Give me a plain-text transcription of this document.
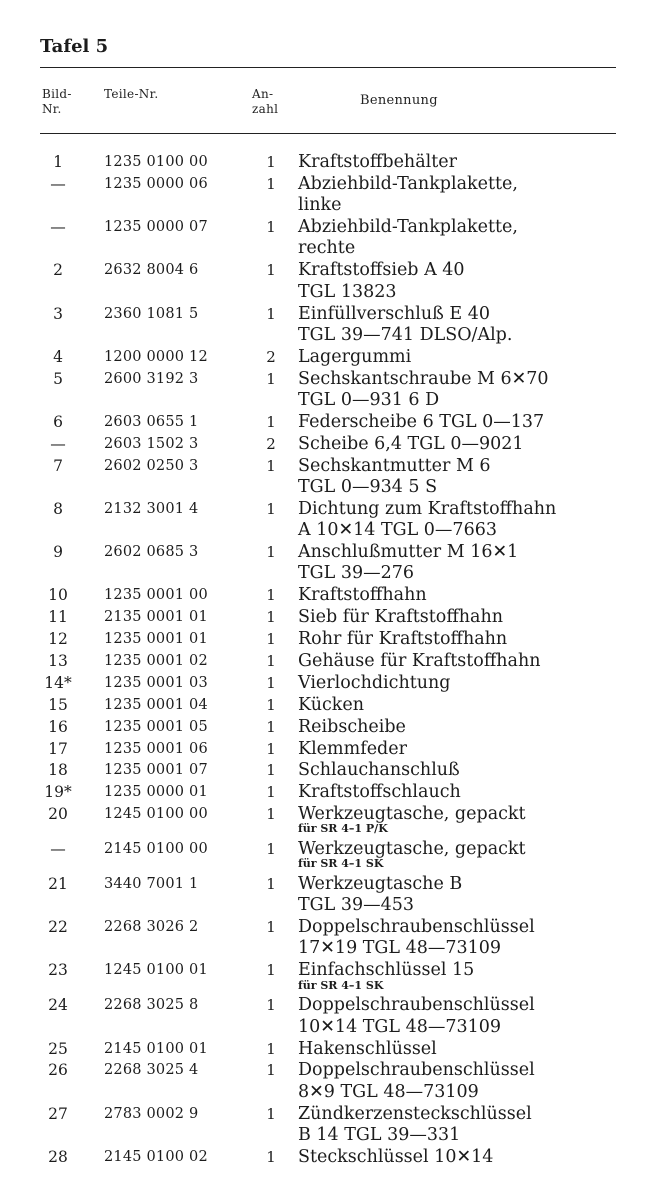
Tafel 5
Bild-
Nr.
Teile-Nr.	An-
zahl
Benennung
1	1235 0100 00	1 Kraftstoffbehälter
—	1235 0000 06	1 Abziehbild-Tankplakette,
linke
—	1235 0000 07	1 Abziehbild-Tankplakette,
rechte
2	2632 8004 6	1 Kraftstoffsieb A 40
TGL 13823
3	2360 1081 5	1 Einfüllverschluß E 40
TGL 39—741 DLSO/Alp.
4	1200 0000 12	2 Lagergummi
5	2600 3192 3	1 Sechskantschraube M 6✕70
TGL 0—931 6 D
6	2603 0655 1	1 Federscheibe 6 TGL 0—137
—	2603 1502 3	2 Scheibe 6,4 TGL 0—9021
7	2602 0250 3	1 Sechskantmutter M 6
TGL 0—934 5 S
8	2132 3001 4	1 Dichtung zum Kraftstoffhahn
A 10✕14 TGL 0—7663
9	2602 0685 3	1 Anschlußmutter M 16✕1
TGL 39—276
10	1235 0001 00	1 Kraftstoffhahn
11	2135 0001 01	1 Sieb für Kraftstoffhahn
12	1235 0001 01	1 Rohr für Kraftstoffhahn
13	1235 0001 02	1 Gehäuse für Kraftstoffhahn
14* 1235 0001 03	1 Vierlochdichtung
15	1235 0001 04	1 Kücken
16	1235 0001 05	1 Reibscheibe
17	1235 0001 06	1 Klemmfeder
18	1235 0001 07	1 Schlauchanschluß
19* 1235 0000 01	1 Kraftstoffschlauch
20	1245 0100 00	1 Werkzeugtasche, gepackt
für SR 4–1 P/K
—	2145 0100 00	1 Werkzeugtasche, gepackt
für SR 4–1 SK
21	3440 7001 1	1 Werkzeugtasche B
TGL 39—453
22	2268 3026 2	1 Doppelschraubenschlüssel
17✕19 TGL 48—73109
23	1245 0100 01	1 Einfachschlüssel 15
für SR 4–1 SK
24	2268 3025 8	1 Doppelschraubenschlüssel
10✕14 TGL 48—73109
25	2145 0100 01	1 Hakenschlüssel
26	2268 3025 4	1 Doppelschraubenschlüssel
8✕9 TGL 48—73109
27	2783 0002 9	1 Zündkerzensteckschlüssel
B 14 TGL 39—331
28	2145 0100 02	1 Steckschlüssel 10✕14
